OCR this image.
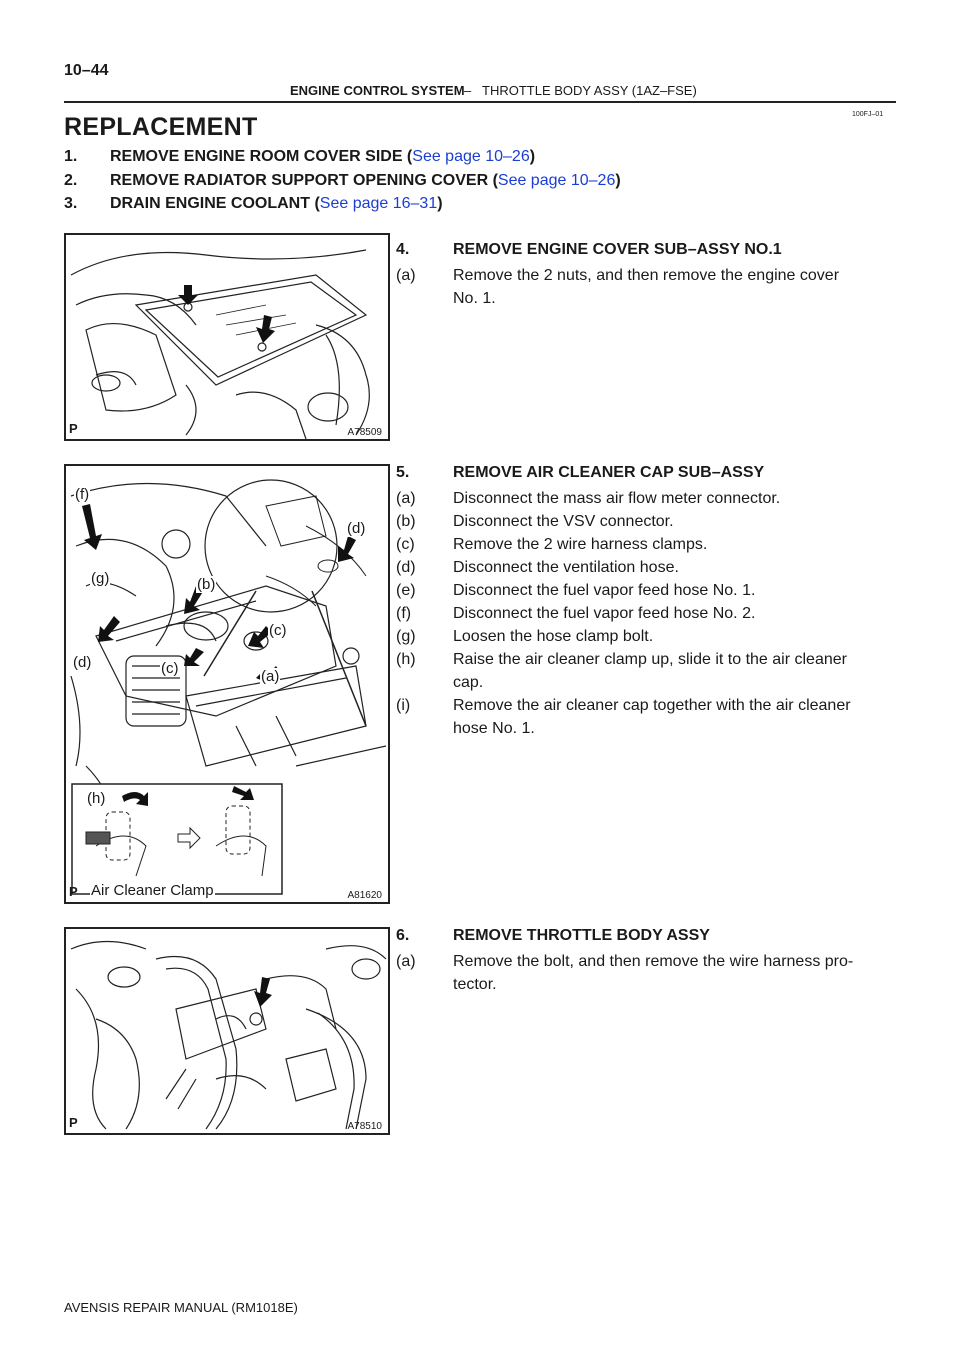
10–44
ENGINE CONTROL SYSTEM – THROTTLE BODY ASSY (1AZ–FSE)
100FJ–01
REPLACEMENT
1. REMOVE ENGINE ROOM COVER SIDE (See page 10–26)
2. REMOVE RADIATOR SUPPORT OPENING COVER (See page 10–26)
3. DRAIN ENGINE COOLANT (See page 16–31)
P	A78509
(f)
(d)
(g)	(b)
(c)
(d)	(c)	(a)
(h)
Air Cleaner Clamp
P	A81620
P	A78510
4.	REMOVE ENGINE COVER SUB–ASSY NO.1
(a) Remove the 2 nuts, and then remove the engine cover
No. 1.
5.	REMOVE AIR CLEANER CAP SUB–ASSY
(a) Disconnect the mass air flow meter connector.
(b) Disconnect the VSV connector.
(c) Remove the 2 wire harness clamps.
(d) Disconnect the ventilation hose.
(e) Disconnect the fuel vapor feed hose No. 1.
(f)	Disconnect the fuel vapor feed hose No. 2.
(g) Loosen the hose clamp bolt.
(h) Raise the air cleaner clamp up, slide it to the air cleaner
cap.
(i)	Remove the air cleaner cap together with the air cleaner
hose No. 1.
6.	REMOVE THROTTLE BODY ASSY
(a) Remove the bolt, and then remove the wire harness pro-
tector.
AVENSIS REPAIR MANUAL (RM1018E)
